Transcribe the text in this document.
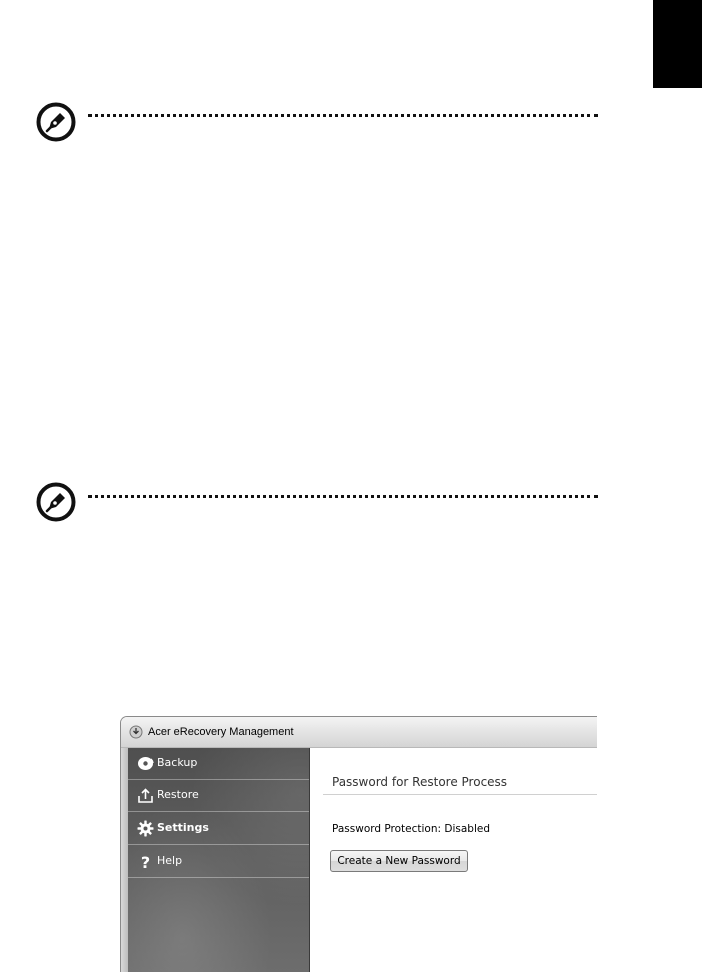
Acer eRecovery Management
Backup
Restore
Settings
? Help
Password for Restore Process
Password Protection: Disabled
Create a New Password
